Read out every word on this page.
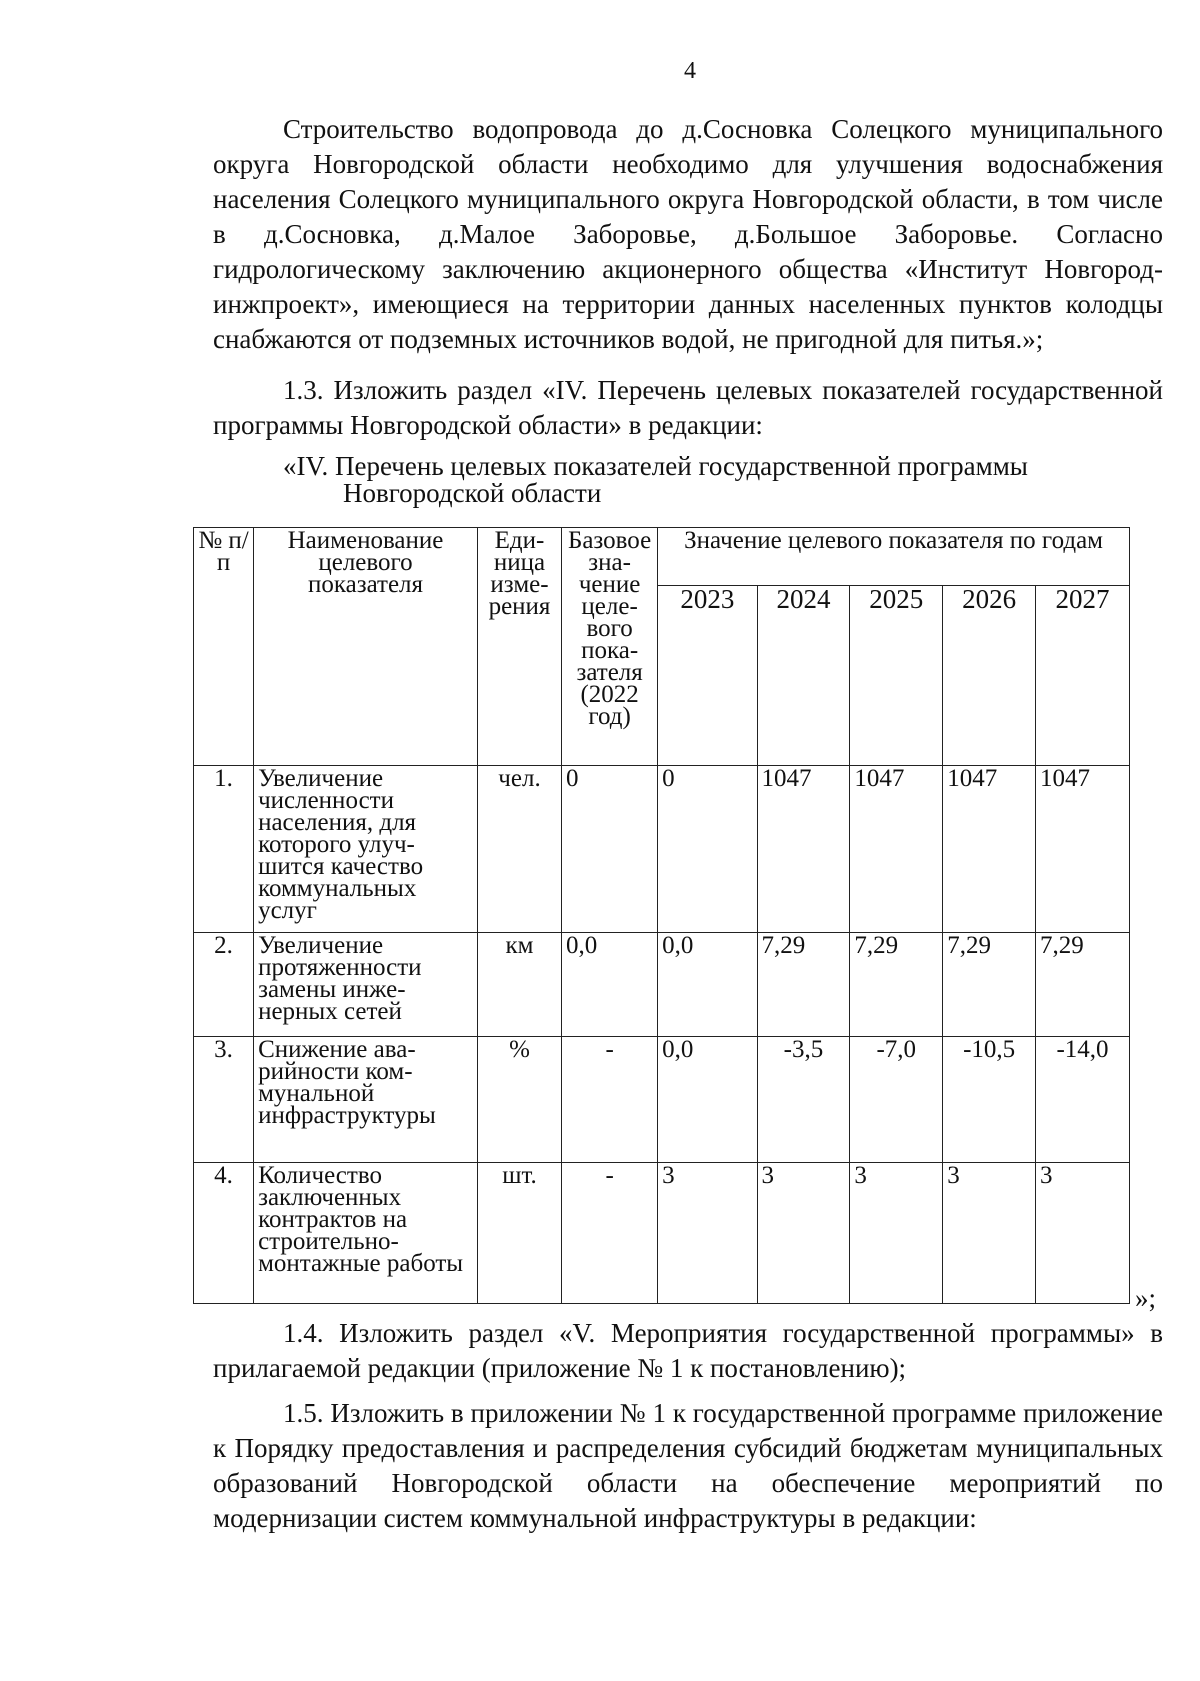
4

Строительство водопровода до д.Сосновка Солецкого муниципального округа Новгородской области необходимо для улучшения водоснабжения населения Солецкого муниципального округа Новгородской области, в том числе в д.Сосновка, д.Малое Заборовье, д.Большое Заборовье. Согласно гидрологическому заключению акционерного общества «Институт Новгородинжпроект», имеющиеся на территории данных населенных пунктов колодцы снабжаются от подземных источников водой, не пригодной для питья.»;

1.3. Изложить раздел «IV. Перечень целевых показателей государственной программы Новгородской области» в редакции:

«IV. Перечень целевых показателей государственной программы
Новгородской области
№ п/п	Наименование целевого показателя	Единица измерения	Базовое значение целевого показателя (2022 год)	Значение целевого показателя по годам				
				2023	2024	2025	2026	2027
1.	Увеличение численности населения, для которого улучшится качество коммунальных услуг	чел.	0	0	1047	1047	1047	1047
2.	Увеличение протяженности замены инженерных сетей	км	0,0	0,0	7,29	7,29	7,29	7,29
3.	Снижение аварийности коммунальной инфраструктуры	%	-	0,0	-3,5	-7,0	-10,5	-14,0
4.	Количество заключенных контрактов на строительно-монтажные работы	шт.	-	3	3	3	3	3
»;

1.4. Изложить раздел «V. Мероприятия государственной программы» в прилагаемой редакции (приложение № 1 к постановлению);

1.5. Изложить в приложении № 1 к государственной программе приложение к Порядку предоставления и распределения субсидий бюджетам муниципальных образований Новгородской области на обеспечение мероприятий по модернизации систем коммунальной инфраструктуры в редакции:
